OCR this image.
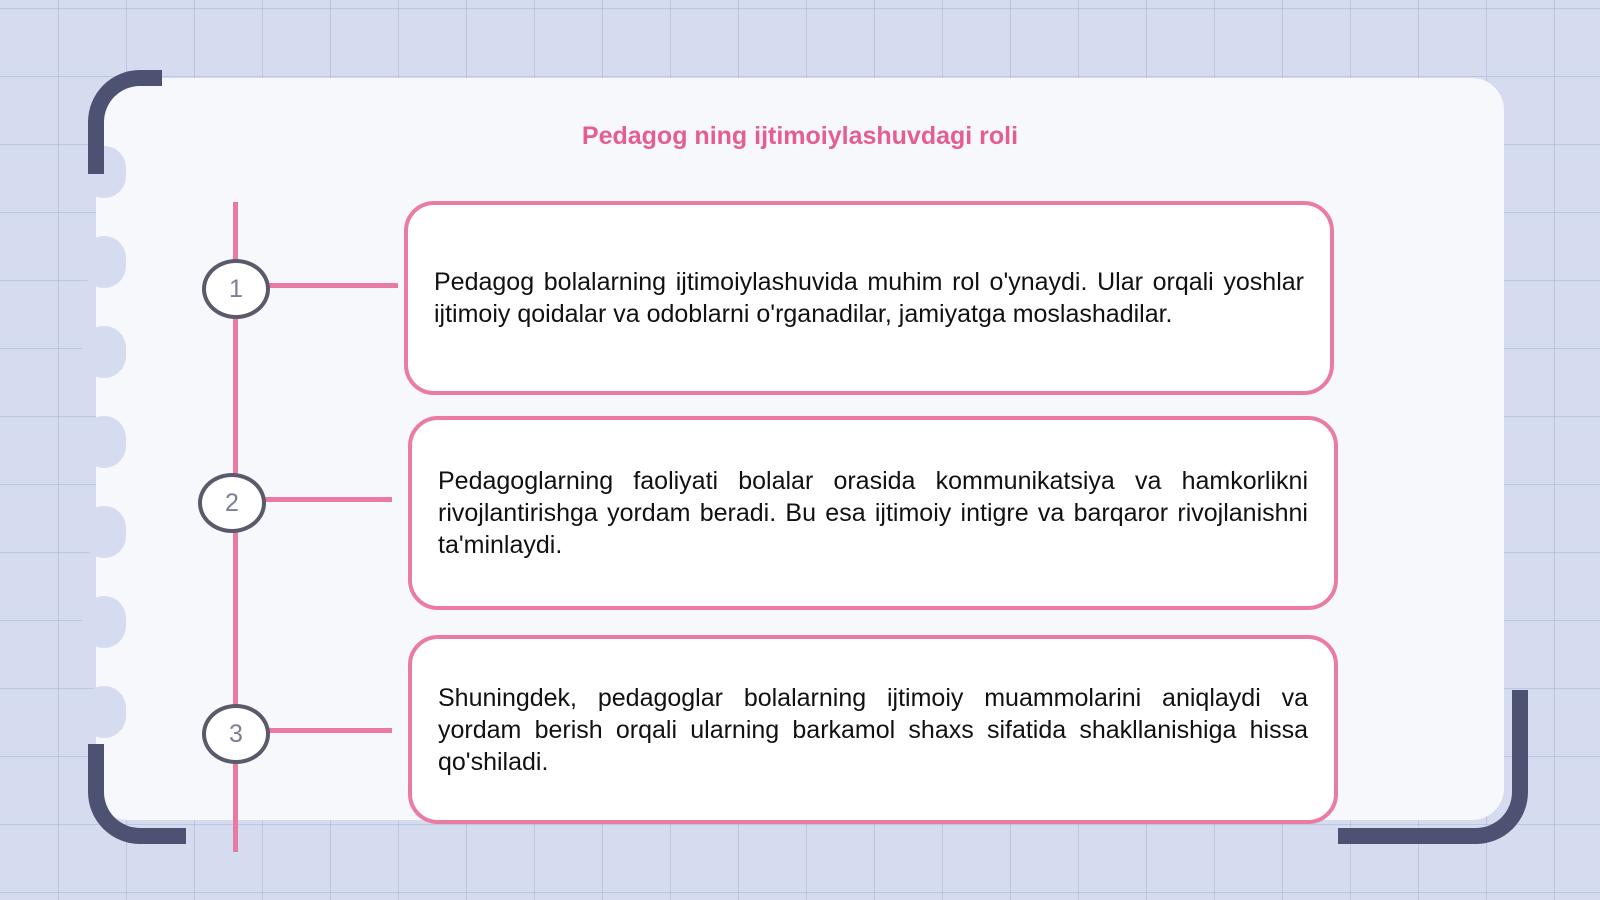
Pedagog ning ijtimoiylashuvdagi roli
1
2
3

Pedagog bolalarning ijtimoiylashuvida muhim rol o'ynaydi. Ular orqali yoshlar ijtimoiy qoidalar va odoblarni o'rganadilar, jamiyatga moslashadilar.

Pedagoglarning faoliyati bolalar orasida kommunikatsiya va hamkorlikni rivojlantirishga yordam beradi. Bu esa ijtimoiy intigre va barqaror rivojlanishni ta'minlaydi.

Shuningdek, pedagoglar bolalarning ijtimoiy muammolarini aniqlaydi va yordam berish orqali ularning barkamol shaxs sifatida shakllanishiga hissa qo'shiladi.
